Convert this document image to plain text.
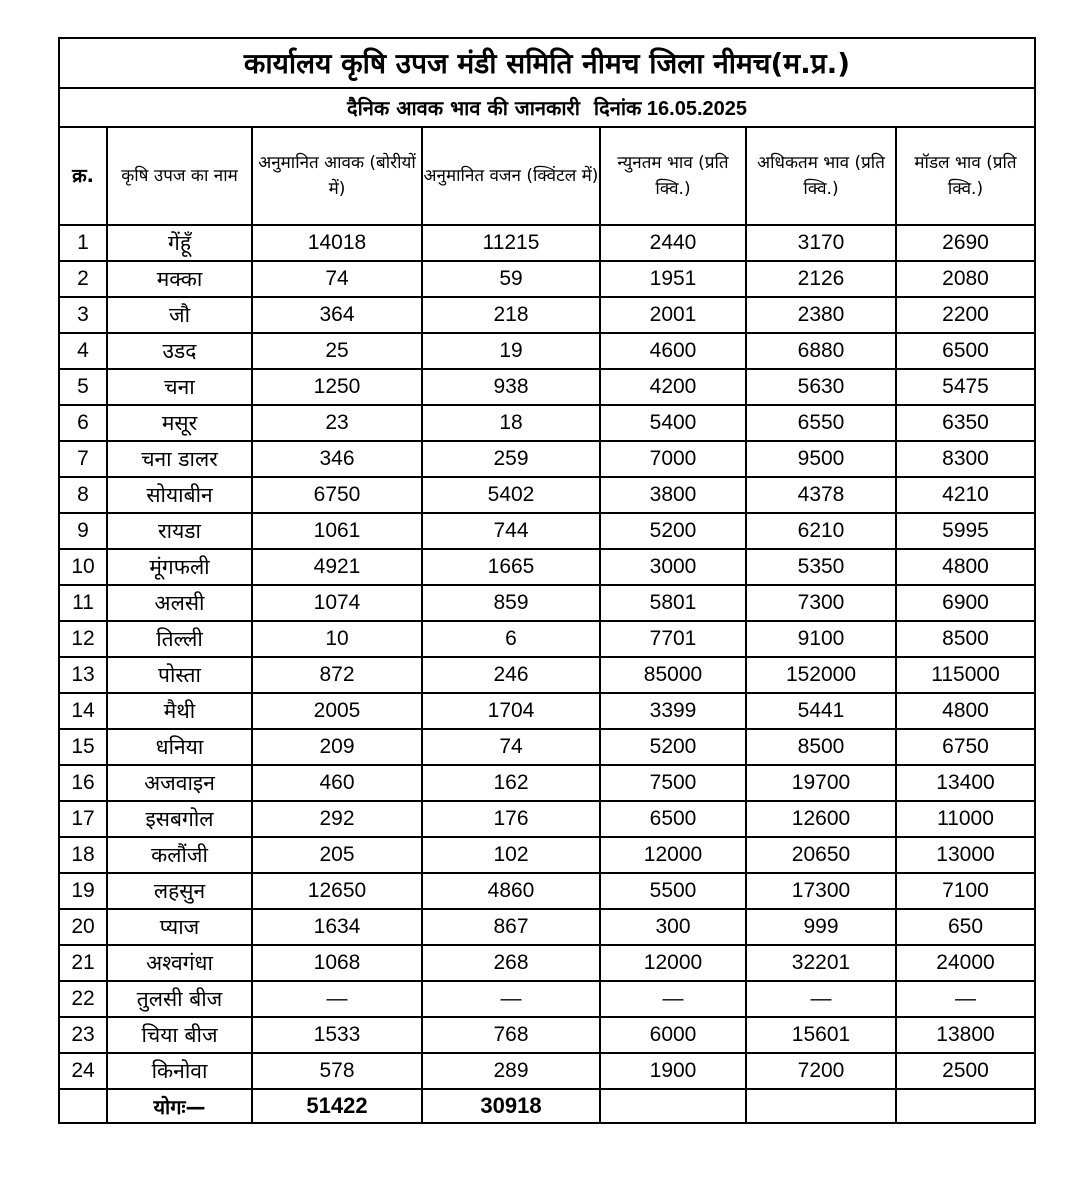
कार्यालय कृषि उपज मंडी समिति नीमच जिला नीमच(म.प्र.)						
दैनिक आवक भाव की जानकारी दिनांक 16.05.2025						
क्र.	कृषि उपज का नाम	अनुमानित आवक (बोरीयों में)	अनुमानित वजन (क्विंटल में)	न्युनतम भाव (प्रति क्वि.)	अधिकतम भाव (प्रति क्वि.)	मॉडल भाव (प्रति क्वि.)
1	गेंहूँ	14018	11215	2440	3170	2690
2	मक्का	74	59	1951	2126	2080
3	जौ	364	218	2001	2380	2200
4	उडद	25	19	4600	6880	6500
5	चना	1250	938	4200	5630	5475
6	मसूर	23	18	5400	6550	6350
7	चना डालर	346	259	7000	9500	8300
8	सोयाबीन	6750	5402	3800	4378	4210
9	रायडा	1061	744	5200	6210	5995
10	मूंगफली	4921	1665	3000	5350	4800
11	अलसी	1074	859	5801	7300	6900
12	तिल्ली	10	6	7701	9100	8500
13	पोस्ता	872	246	85000	152000	115000
14	मैथी	2005	1704	3399	5441	4800
15	धनिया	209	74	5200	8500	6750
16	अजवाइन	460	162	7500	19700	13400
17	इसबगोल	292	176	6500	12600	11000
18	कलौंजी	205	102	12000	20650	13000
19	लहसुन	12650	4860	5500	17300	7100
20	प्याज	1634	867	300	999	650
21	अश्वगंधा	1068	268	12000	32201	24000
22	तुलसी बीज	—	—	—	—	—
23	चिया बीज	1533	768	6000	15601	13800
24	किनोवा	578	289	1900	7200	2500
	योगः—	51422	30918			
